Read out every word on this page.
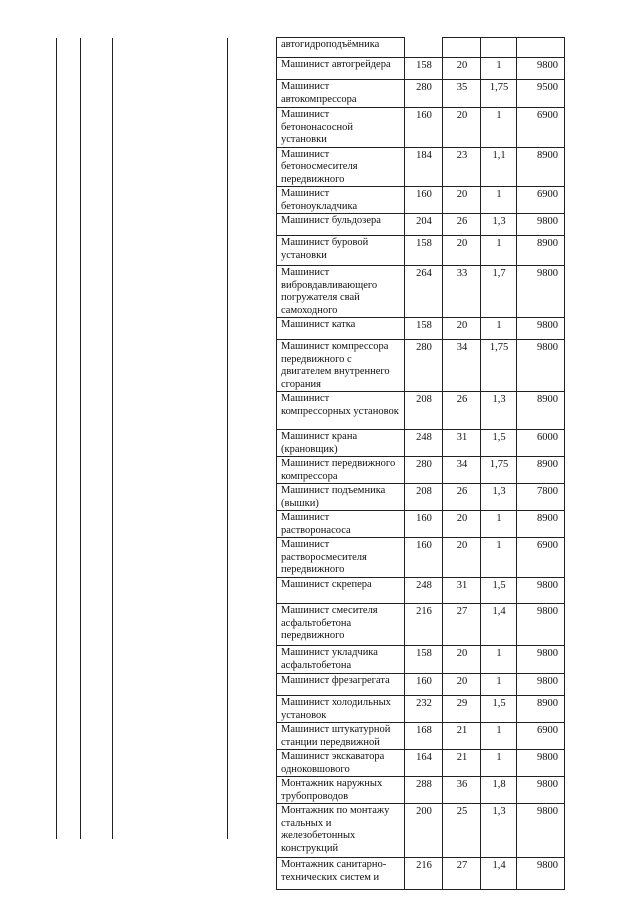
автогидроподъёмника				
Машинист автогрейдера	158	20	1	9800
Машинист автокомпрессора	280	35	1,75	9500
Машинист бетононасосной установки	160	20	1	6900
Машинист бетоносмесителя передвижного	184	23	1,1	8900
Машинист бетоноукладчика	160	20	1	6900
Машинист бульдозера	204	26	1,3	9800
Машинист буровой установки	158	20	1	8900
Машинист вибровдавливающего погружателя свай самоходного	264	33	1,7	9800
Машинист катка	158	20	1	9800
Машинист компрессора передвижного с двигателем внутреннего сгорания	280	34	1,75	9800
Машинист компрессорных установок	208	26	1,3	8900
Машинист крана (крановщик)	248	31	1,5	6000
Машинист передвижного компрессора	280	34	1,75	8900
Машинист подъемника (вышки)	208	26	1,3	7800
Машинист растворонасоса	160	20	1	8900
Машинист растворосмесителя передвижного	160	20	1	6900
Машинист скрепера	248	31	1,5	9800
Машинист смесителя асфальтобетона передвижного	216	27	1,4	9800
Машинист укладчика асфальтобетона	158	20	1	9800
Машинист фрезагрегата	160	20	1	9800
Машинист холодильных установок	232	29	1,5	8900
Машинист штукатурной станции передвижной	168	21	1	6900
Машинист экскаватора одноковшового	164	21	1	9800
Монтажник наружных трубопроводов	288	36	1,8	9800
Монтажник по монтажу стальных и железобетонных конструкций	200	25	1,3	9800
Монтажник санитарно-технических систем и	216	27	1,4	9800
